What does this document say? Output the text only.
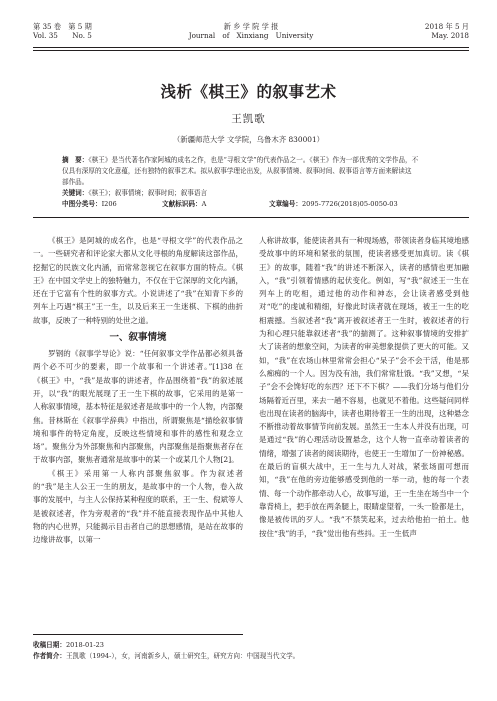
第 35 卷　第 5 期
Vol. 35　　No. 5
新 乡 学 院 学 报
Journal　of　Xinxiang　University
2018 年 5 月
May. 2018
浅析《棋王》的叙事艺术
王凯歌
（新疆师范大学 文学院，乌鲁木齐 830001）
摘　要：《棋王》是当代著名作家阿城的成名之作，也是“寻根文学”的代表作品之一。《棋王》作为一部优秀的文学作品，不
仅具有深厚的文化意蕴，还有独特的叙事艺术。拟从叙事学理论出发，从叙事情境、叙事时间、叙事语言等方面来解读这
部作品。
关键词：《棋王》；叙事情境；叙事时间；叙事语言
中图分类号：I206	文献标识码：A	文章编号：2095-7726(2018)05-0050-03

《棋王》是阿城的成名作，也是“寻根文学”的代表作品之一。一些研究者和评论家大都从文化寻根的角度解读这部作品，挖掘它的民族文化内涵，而常常忽视它在叙事方面的特点。《棋王》在中国文学史上的独特魅力，不仅在于它深厚的文化内涵，还在于它富有个性的叙事方式。小说讲述了“我”在知青下乡的列车上巧遇“棋王”王一生，以及后来王一生迷棋、下棋的曲折故事，反映了一种特别的处世之道。

一、叙事情境

罗钢的《叙事学导论》说：“任何叙事文学作品都必须具备两个必不可少的要素，即一个故事和一个讲述者。”[1]38 在《棋王》中，“我”是故事的讲述者，作品围绕着“我”的叙述展开，以“我”的眼光展现了王一生下棋的故事，它采用的是第一人称叙事情境，基本特征是叙述者是故事中的一个人物，内部聚焦。昔林斯在《叙事学辞典》中指出，所谓聚焦是“描绘叙事情境和事件的特定角度，反映这些情境和事件的感性和观念立场”。聚焦分为外部聚焦和内部聚焦，内部聚焦是指聚焦者存在于故事内部，聚焦者通常是故事中的某一个或某几个人物[2]。

《棋王》采用第一人称内部聚焦叙事。作为叙述者的“我”是主人公王一生的朋友，是故事中的一个人物，卷入故事的发展中，与主人公保持某种程度的联系，王一生、倪斌等人是被叙述者，作为旁观者的“我”并不能直接表现作品中其他人物的内心世界，只能揭示目击者自己的思想感情，是站在故事的边缘讲故事，以第一

人称讲故事，能使读者具有一种现场感，带领读者身临其境地感受故事中的环境和紧张的氛围，使读者感受更加真切。读《棋王》的故事，随着“我”的讲述不断深入，读者的感情也更加融入，“我”引领着情感的起伏变化。例如，写“我”叙述王一生在列车上的吃相，通过他的动作和神态，会让读者感受到他对“吃”的虔诚和精细，好像此时读者就在现场，被王一生的吃相震撼。当叙述者“我”离开被叙述者王一生时，被叙述者的行为和心理只能靠叙述者“我”的揣测了。这种叙事情境的安排扩大了读者的想象空间，为读者的审美想象提供了更大的可能。又如，“我”在农场山林里常常会担心“呆子”会不会干活，他是那么痴痴的一个人。因为没有油，我们常常肚饿。“我”又想，“呆子”会不会馋好吃的东西？还下不下棋？——我们分场与他们分场隔着近百里，来去一趟不容易，也就见不着他。这些疑问同样也出现在读者的脑海中，读者也期待着王一生的出现，这种悬念不断推动着故事情节向前发展。虽然王一生本人并没有出现，可是通过“我”的心理活动设置悬念，这个人物一直牵动着读者的情绪，增强了读者的阅读期待，也使王一生增加了一份神秘感。在最后的盲棋大战中，王一生与九人对战，紧张场面可想而知，“我”在他的旁边能够感受到他的一举一动，他的每一个表情、每一个动作都牵动人心，故事写道，王一生坐在场当中一个靠背椅上，把手放在两条腿上，眼睛虚望着，一头一脸都是土，像是被传讯的歹人。“我”不禁笑起来，过去给他拍一拍土。他按住“我”的手，“我”觉出他有些抖。王一生低声

收稿日期：2018-01-23
作者简介：王凯歌（1994-），女，河南新乡人，硕士研究生，研究方向：中国现当代文学。
